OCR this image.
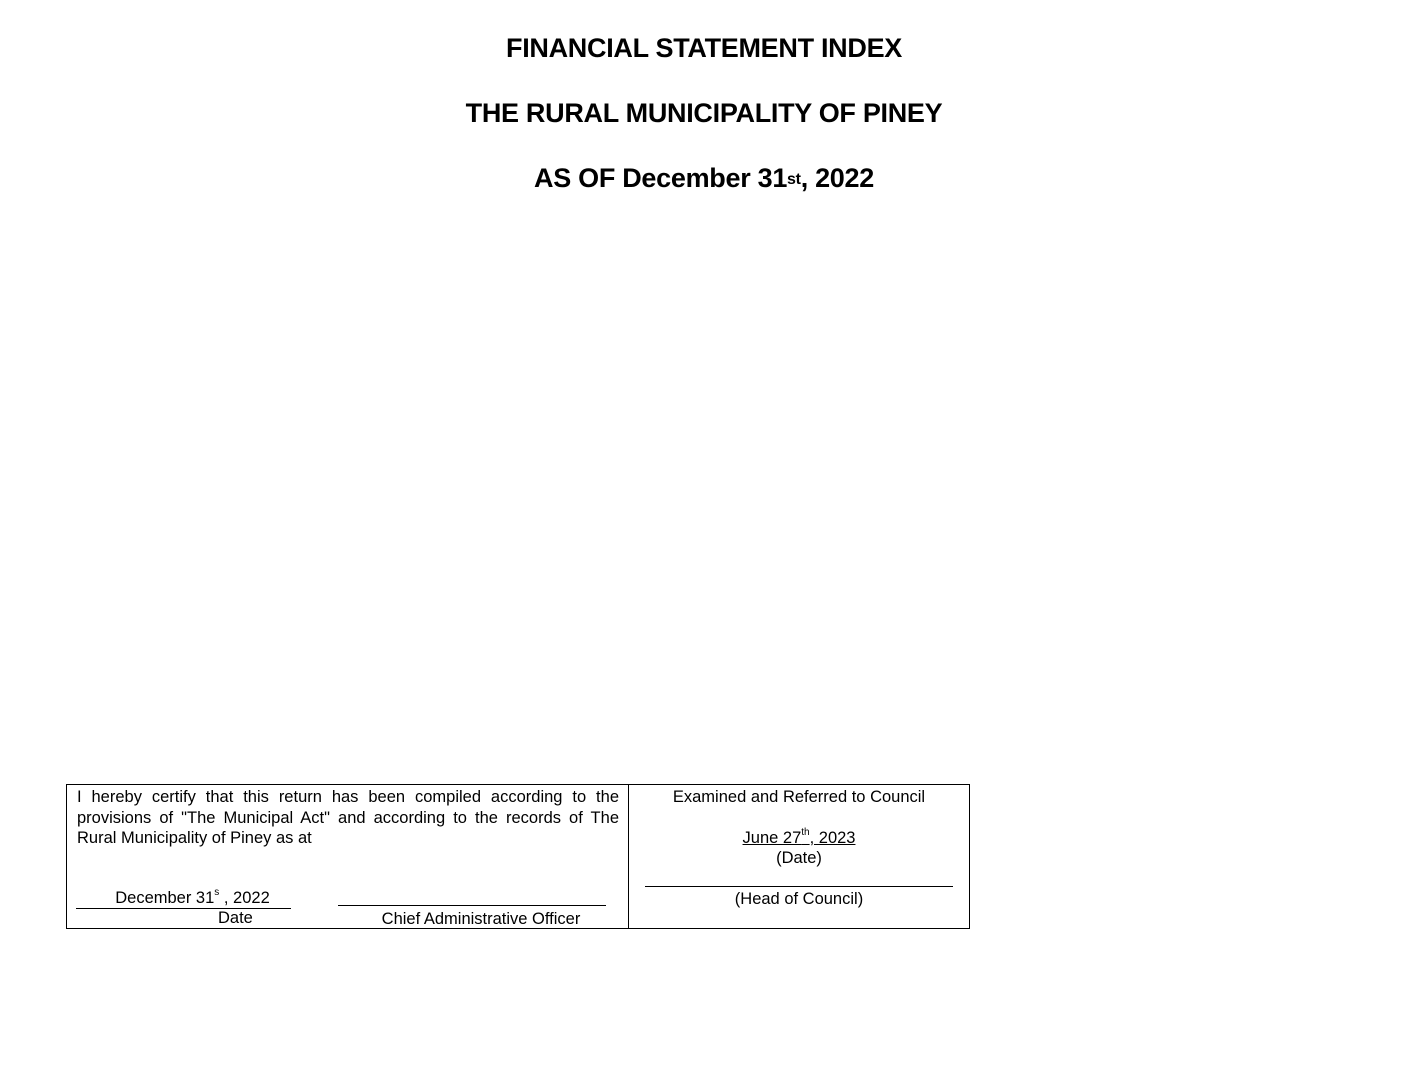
FINANCIAL STATEMENT INDEX
THE RURAL MUNICIPALITY OF PINEY
AS OF December 31st, 2022
I hereby certify that this return has been compiled according to the provisions of "The Municipal Act" and according to the records of The Rural Municipality of Piney as at
December 31$^s$ , 2022
Date	Chief Administrative Officer
Examined and Referred to Council
June 27th, 2023
(Date)
(Head of Council)
